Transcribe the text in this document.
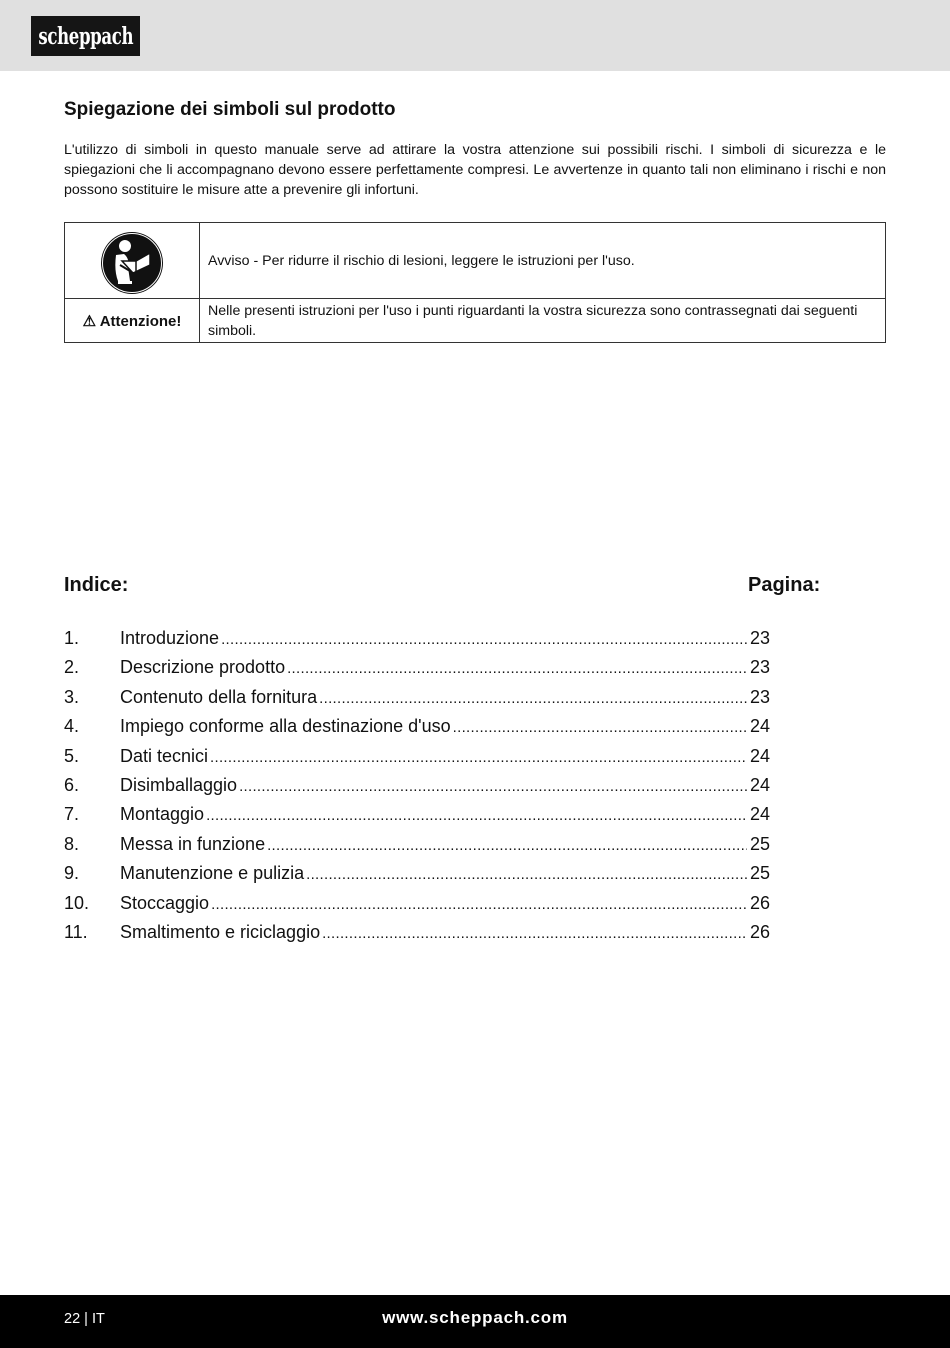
scheppach
Spiegazione dei simboli sul prodotto

L'utilizzo di simboli in questo manuale serve ad attirare la vostra attenzione sui possibili rischi. I simboli di sicurezza e le spiegazioni che li accompagnano devono essere perfettamente compresi. Le avvertenze in quanto tali non eliminano i rischi e non possono sostituire le misure atte a prevenire gli infortuni.

	Avviso - Per ridurre il rischio di lesioni, leggere le istruzioni per l'uso.
⚠ Attenzione!	Nelle presenti istruzioni per l'uso i punti riguardanti la vostra sicurezza sono contrassegnati dai seguenti simboli.
Indice:	Pagina:
1.	Introduzione .....	23
2.	Descrizione prodotto .....	23
3.	Contenuto della fornitura .....	23
4.	Impiego conforme alla destinazione d'uso .....	24
5.	Dati tecnici .....	24
6.	Disimballaggio .....	24
7.	Montaggio .....	24
8.	Messa in funzione .....	25
9.	Manutenzione e pulizia .....	25
10.	Stoccaggio .....	26
11.	Smaltimento e riciclaggio .....	26
22 | IT	www.scheppach.com
